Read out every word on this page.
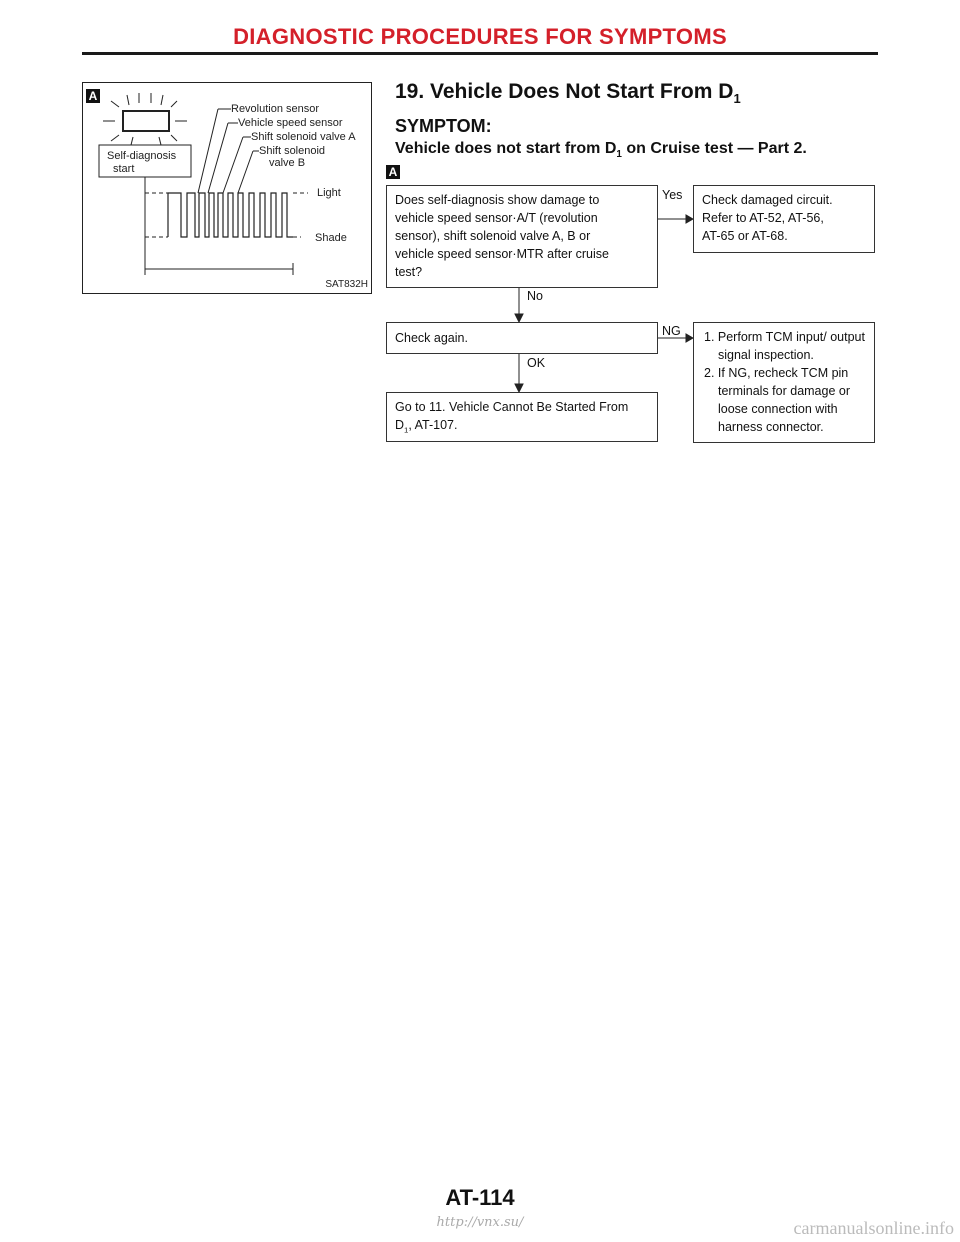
DIAGNOSTIC PROCEDURES FOR SYMPTOMS
A
Self-diagnosis
start
Revolution sensor
Vehicle speed sensor
Shift solenoid valve A
Shift solenoid
valve B
Light
Shade
SAT832H
19. Vehicle Does Not Start From $D_1$
SYMPTOM:
Vehicle does not start from $D_1$ on Cruise test — Part 2.
A
Does self-diagnosis show damage to
vehicle speed sensor·A/T (revolution
sensor), shift solenoid valve A, B or
vehicle speed sensor·MTR after cruise
test?
Yes
No
Check damaged circuit.
Refer to AT-52, AT-56,
AT-65 or AT-68.
Check again.	NG
OK
1. Perform TCM input/ output signal inspection.
2. If NG, recheck TCM pin terminals for damage or loose connection with harness connector.
Go to 11. Vehicle Cannot Be Started From
$D_1$, AT-107.
AT-114
http://vnx.su/	carmanualsonline.info
